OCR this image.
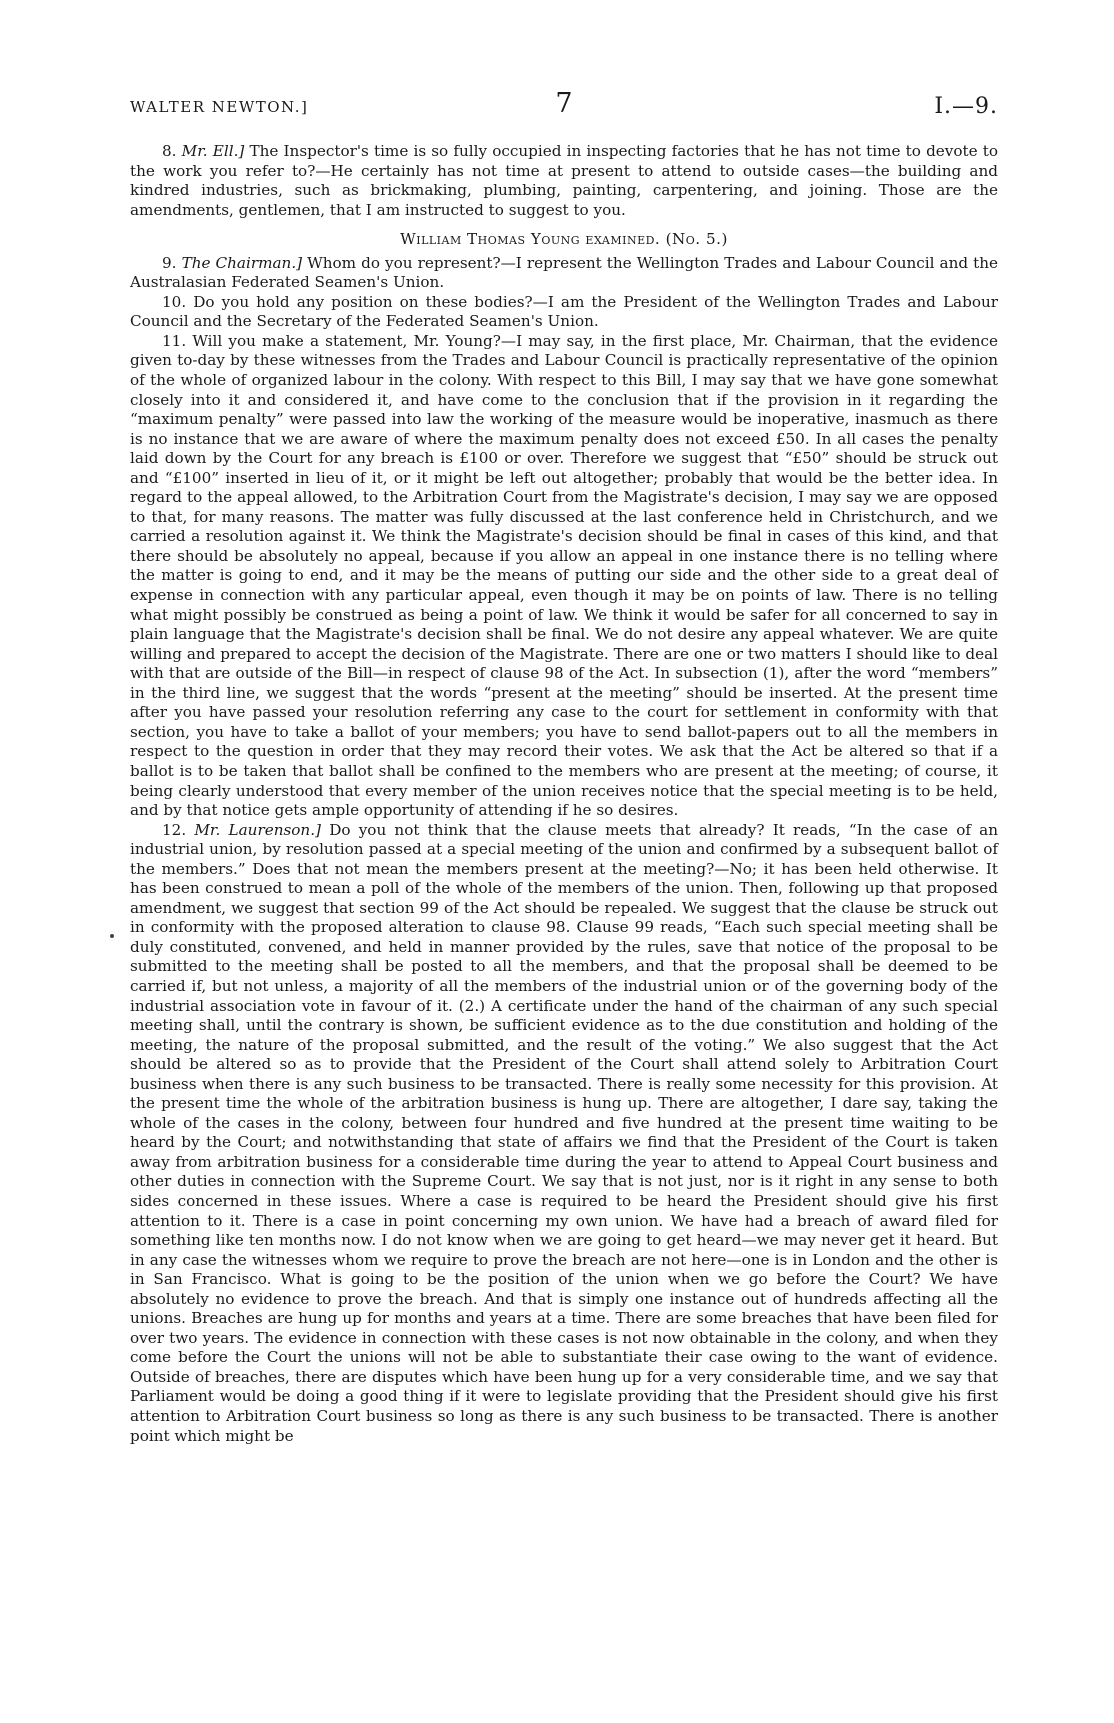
WALTER NEWTON.]	7	I.—9.

8. Mr. Ell.] The Inspector's time is so fully occupied in inspecting factories that he has not time to devote to the work you refer to?—He certainly has not time at present to attend to outside cases—the building and kindred industries, such as brickmaking, plumbing, painting, carpentering, and joining. Those are the amendments, gentlemen, that I am instructed to suggest to you.

William Thomas Young examined. (No. 5.)

9. The Chairman.] Whom do you represent?—I represent the Wellington Trades and Labour Council and the Australasian Federated Seamen's Union.

10. Do you hold any position on these bodies?—I am the President of the Wellington Trades and Labour Council and the Secretary of the Federated Seamen's Union.

11. Will you make a statement, Mr. Young?—I may say, in the first place, Mr. Chairman, that the evidence given to-day by these witnesses from the Trades and Labour Council is practically representative of the opinion of the whole of organized labour in the colony. With respect to this Bill, I may say that we have gone somewhat closely into it and considered it, and have come to the conclusion that if the provision in it regarding the “maximum penalty” were passed into law the working of the measure would be inoperative, inasmuch as there is no instance that we are aware of where the maximum penalty does not exceed £50. In all cases the penalty laid down by the Court for any breach is £100 or over. Therefore we suggest that “£50” should be struck out and “£100” inserted in lieu of it, or it might be left out altogether; probably that would be the better idea. In regard to the appeal allowed, to the Arbitration Court from the Magistrate's decision, I may say we are opposed to that, for many reasons. The matter was fully discussed at the last conference held in Christchurch, and we carried a resolution against it. We think the Magistrate's decision should be final in cases of this kind, and that there should be absolutely no appeal, because if you allow an appeal in one instance there is no telling where the matter is going to end, and it may be the means of putting our side and the other side to a great deal of expense in connection with any particular appeal, even though it may be on points of law. There is no telling what might possibly be construed as being a point of law. We think it would be safer for all concerned to say in plain language that the Magistrate's decision shall be final. We do not desire any appeal whatever. We are quite willing and prepared to accept the decision of the Magistrate. There are one or two matters I should like to deal with that are outside of the Bill—in respect of clause 98 of the Act. In subsection (1), after the word “members” in the third line, we suggest that the words “present at the meeting” should be inserted. At the present time after you have passed your resolution referring any case to the court for settlement in conformity with that section, you have to take a ballot of your members; you have to send ballot-papers out to all the members in respect to the question in order that they may record their votes. We ask that the Act be altered so that if a ballot is to be taken that ballot shall be confined to the members who are present at the meeting; of course, it being clearly understood that every member of the union receives notice that the special meeting is to be held, and by that notice gets ample opportunity of attending if he so desires.

12. Mr. Laurenson.] Do you not think that the clause meets that already? It reads, “In the case of an industrial union, by resolution passed at a special meeting of the union and confirmed by a subsequent ballot of the members.” Does that not mean the members present at the meeting?—No; it has been held otherwise. It has been construed to mean a poll of the whole of the members of the union. Then, following up that proposed amendment, we suggest that section 99 of the Act should be repealed. We suggest that the clause be struck out in conformity with the proposed alteration to clause 98. Clause 99 reads, “Each such special meeting shall be duly constituted, convened, and held in manner provided by the rules, save that notice of the proposal to be submitted to the meeting shall be posted to all the members, and that the proposal shall be deemed to be carried if, but not unless, a majority of all the members of the industrial union or of the governing body of the industrial association vote in favour of it. (2.) A certificate under the hand of the chairman of any such special meeting shall, until the contrary is shown, be sufficient evidence as to the due constitution and holding of the meeting, the nature of the proposal submitted, and the result of the voting.” We also suggest that the Act should be altered so as to provide that the President of the Court shall attend solely to Arbitration Court business when there is any such business to be transacted. There is really some necessity for this provision. At the present time the whole of the arbitration business is hung up. There are altogether, I dare say, taking the whole of the cases in the colony, between four hundred and five hundred at the present time waiting to be heard by the Court; and notwithstanding that state of affairs we find that the President of the Court is taken away from arbitration business for a considerable time during the year to attend to Appeal Court business and other duties in connection with the Supreme Court. We say that is not just, nor is it right in any sense to both sides concerned in these issues. Where a case is required to be heard the President should give his first attention to it. There is a case in point concerning my own union. We have had a breach of award filed for something like ten months now. I do not know when we are going to get heard—we may never get it heard. But in any case the witnesses whom we require to prove the breach are not here—one is in London and the other is in San Francisco. What is going to be the position of the union when we go before the Court? We have absolutely no evidence to prove the breach. And that is simply one instance out of hundreds affecting all the unions. Breaches are hung up for months and years at a time. There are some breaches that have been filed for over two years. The evidence in connection with these cases is not now obtainable in the colony, and when they come before the Court the unions will not be able to substantiate their case owing to the want of evidence. Outside of breaches, there are disputes which have been hung up for a very considerable time, and we say that Parliament would be doing a good thing if it were to legislate providing that the President should give his first attention to Arbitration Court business so long as there is any such business to be transacted. There is another point which might be
